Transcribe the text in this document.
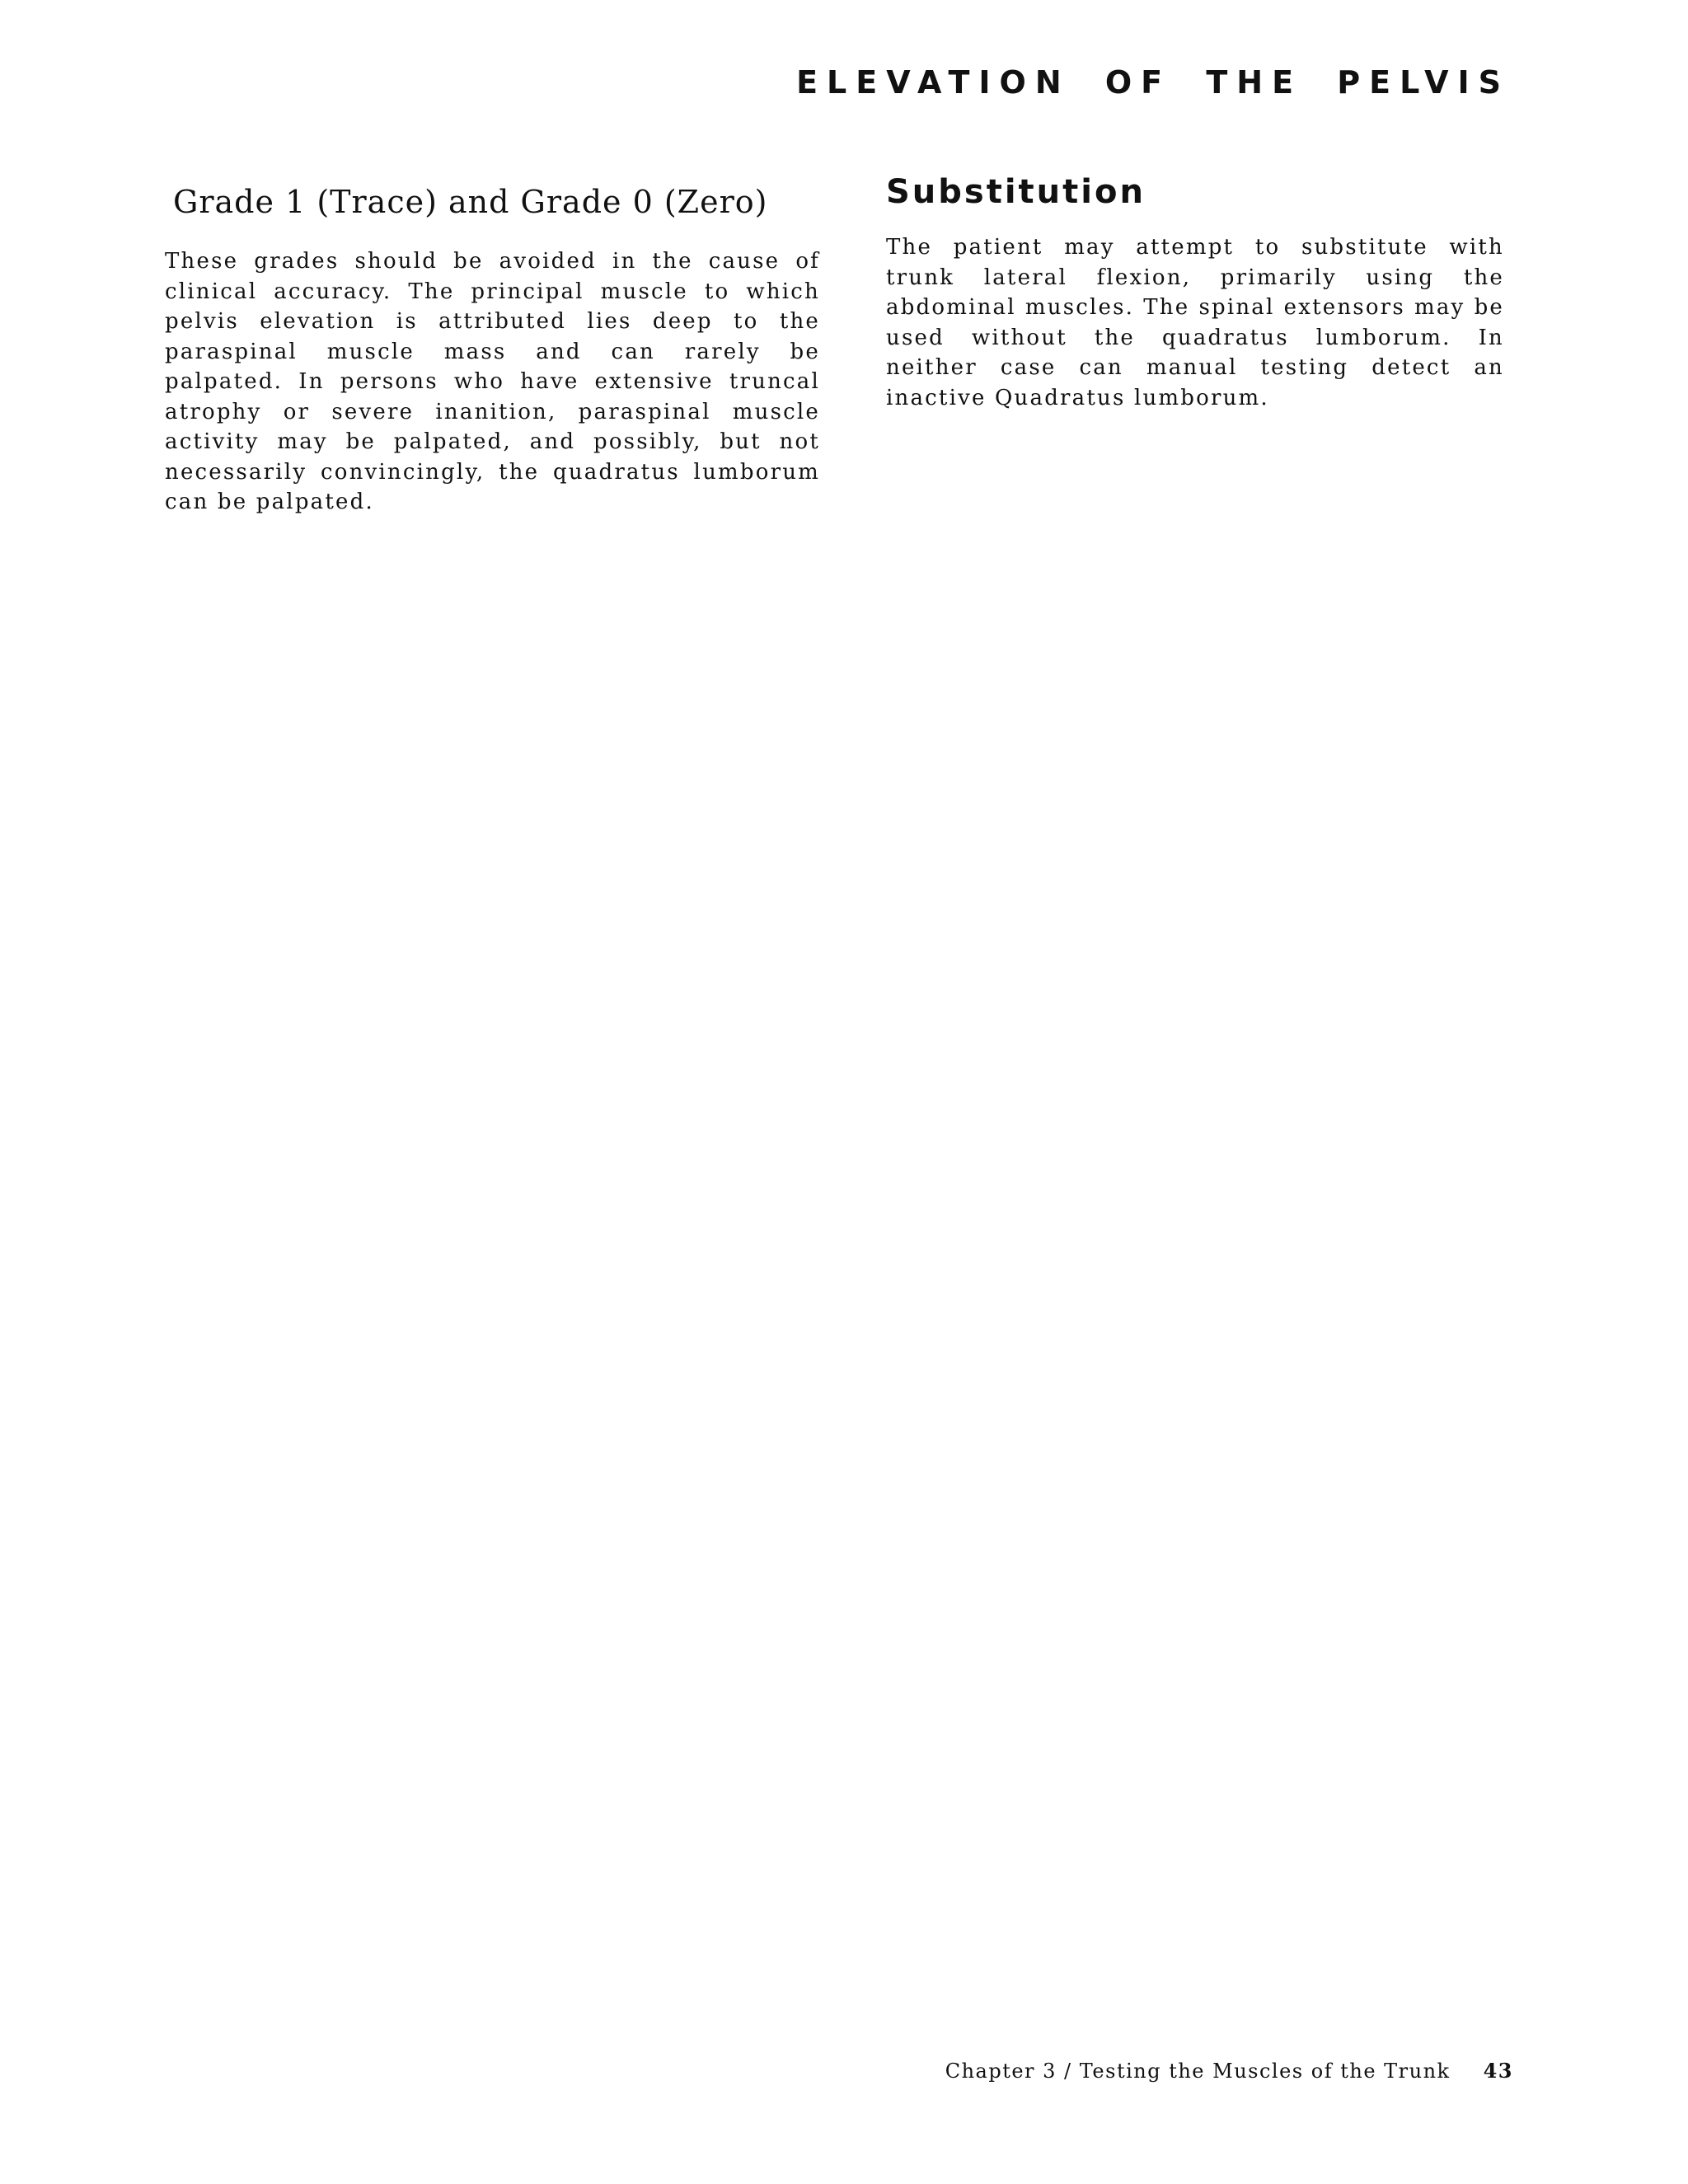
ELEVATION OF THE PELVIS
Grade 1 (Trace) and Grade 0 (Zero)

These grades should be avoided in the cause of clinical accuracy. The principal muscle to which pelvis elevation is attributed lies deep to the paraspinal muscle mass and can rarely be palpated. In persons who have extensive truncal atrophy or severe inanition, paraspinal muscle activity may be palpated, and possibly, but not necessarily convincingly, the quadratus lumborum can be palpated.

Substitution

The patient may attempt to substitute with trunk lateral flexion, primarily using the abdominal muscles. The spinal extensors may be used without the quadratus lumborum. In neither case can manual testing detect an inactive Quadratus lumborum.

Chapter 3 / Testing the Muscles of the Trunk 43
